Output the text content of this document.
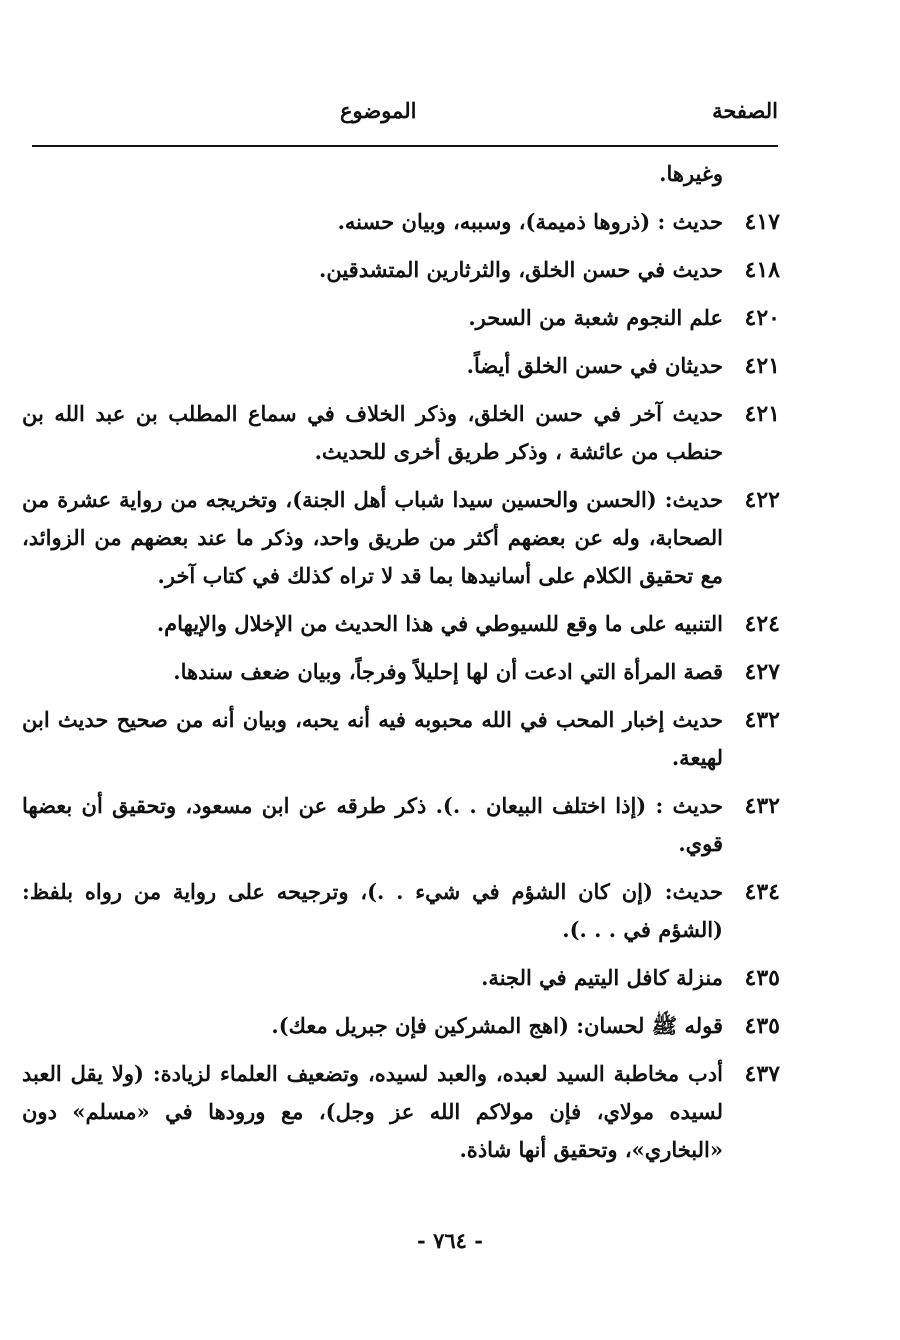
الصفحة
الموضوع
وغيرها.
٤١٧
حديث : (ذروها ذميمة)، وسببه، وبيان حسنه.
٤١٨
حديث في حسن الخلق، والثرثارين المتشدقين.
٤٢٠
علم النجوم شعبة من السحر.
٤٢١
حديثان في حسن الخلق أيضاً.
٤٢١
حديث آخر في حسن الخلق، وذكر الخلاف في سماع المطلب بن عبد الله بن حنطب من عائشة ، وذكر طريق أخرى للحديث.
٤٢٢
حديث: (الحسن والحسين سيدا شباب أهل الجنة)، وتخريجه من رواية عشرة من الصحابة، وله عن بعضهم أكثر من طريق واحد، وذكر ما عند بعضهم من الزوائد، مع تحقيق الكلام على أسانيدها بما قد لا تراه كذلك في كتاب آخر.
٤٢٤
التنبيه على ما وقع للسيوطي في هذا الحديث من الإخلال والإيهام.
٤٢٧
قصة المرأة التي ادعت أن لها إحليلاً وفرجاً، وبيان ضعف سندها.
٤٣٢
حديث إخبار المحب في الله محبوبه فيه أنه يحبه، وبيان أنه من صحيح حديث ابن لهيعة.
٤٣٢
حديث : (إذا اختلف البيعان . .). ذكر طرقه عن ابن مسعود، وتحقيق أن بعضها قوي.
٤٣٤
حديث: (إن كان الشؤم في شيء . .)، وترجيحه على رواية من رواه بلفظ: (الشؤم في . . .).
٤٣٥
منزلة كافل اليتيم في الجنة.
٤٣٥
قوله ﷺ لحسان: (اهج المشركين فإن جبريل معك).
٤٣٧
أدب مخاطبة السيد لعبده، والعبد لسيده، وتضعيف العلماء لزيادة: (ولا يقل العبد لسيده مولاي، فإن مولاكم الله عز وجل)، مع ورودها في «مسلم» دون «البخاري»، وتحقيق أنها شاذة.
- ٧٦٤ -
